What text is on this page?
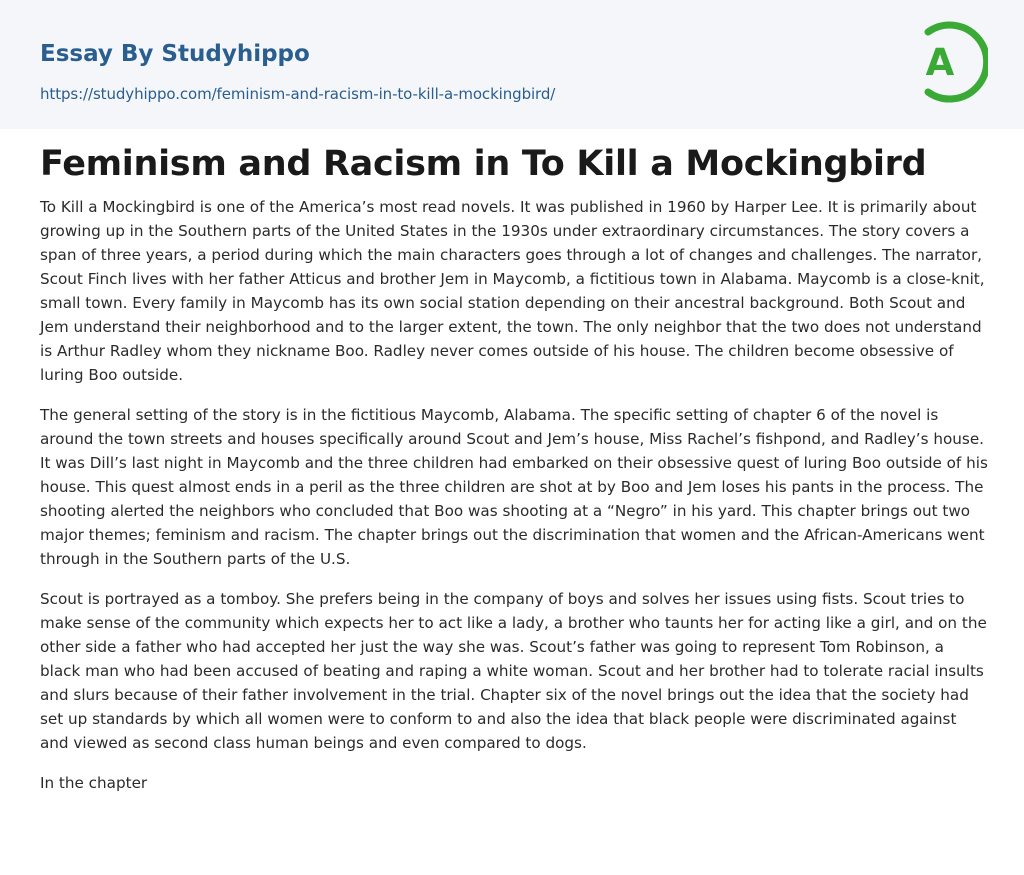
Essay By Studyhippo
https://studyhippo.com/feminism-and-racism-in-to-kill-a-mockingbird/
A
Feminism and Racism in To Kill a Mockingbird

To Kill a Mockingbird is one of the America’s most read novels. It was published in 1960 by Harper Lee. It is primarily about growing up in the Southern parts of the United States in the 1930s under extraordinary circumstances. The story covers a span of three years, a period during which the main characters goes through a lot of changes and challenges. The narrator, Scout Finch lives with her father Atticus and brother Jem in Maycomb, a fictitious town in Alabama. Maycomb is a close-knit, small town. Every family in Maycomb has its own social station depending on their ancestral background. Both Scout and Jem understand their neighborhood and to the larger extent, the town. The only neighbor that the two does not understand is Arthur Radley whom they nickname Boo. Radley never comes outside of his house. The children become obsessive of luring Boo outside.

The general setting of the story is in the fictitious Maycomb, Alabama. The specific setting of chapter 6 of the novel is around the town streets and houses specifically around Scout and Jem’s house, Miss Rachel’s fishpond, and Radley’s house. It was Dill’s last night in Maycomb and the three children had embarked on their obsessive quest of luring Boo outside of his house. This quest almost ends in a peril as the three children are shot at by Boo and Jem loses his pants in the process. The shooting alerted the neighbors who concluded that Boo was shooting at a “Negro” in his yard. This chapter brings out two major themes; feminism and racism. The chapter brings out the discrimination that women and the African-Americans went through in the Southern parts of the U.S.

Scout is portrayed as a tomboy. She prefers being in the company of boys and solves her issues using fists. Scout tries to make sense of the community which expects her to act like a lady, a brother who taunts her for acting like a girl, and on the other side a father who had accepted her just the way she was. Scout’s father was going to represent Tom Robinson, a black man who had been accused of beating and raping a white woman. Scout and her brother had to tolerate racial insults and slurs because of their father involvement in the trial. Chapter six of the novel brings out the idea that the society had set up standards by which all women were to conform to and also the idea that black people were discriminated against and viewed as second class human beings and even compared to dogs.

In the chapter
